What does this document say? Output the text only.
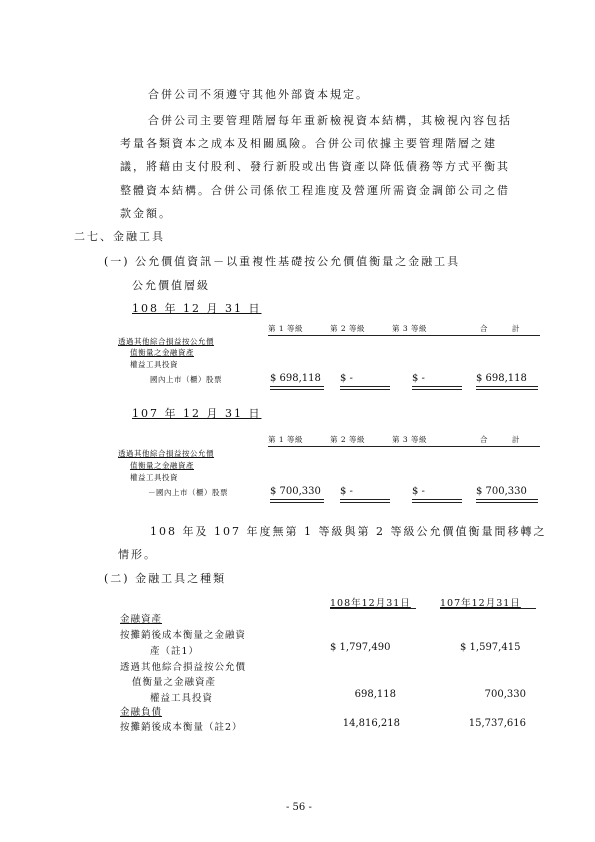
合併公司不須遵守其他外部資本規定。
合併公司主要管理階層每年重新檢視資本結構，其檢視內容包括
考量各類資本之成本及相關風險。合併公司依據主要管理階層之建
議，將藉由支付股利、發行新股或出售資產以降低債務等方式平衡其
整體資本結構。合併公司係依工程進度及營運所需資金調節公司之借
款金額。
二七、金融工具
(一) 公允價值資訊－以重複性基礎按公允價值衡量之金融工具
公允價值層級
108 年 12 月 31 日
第 1 等級	第 2 等級	第 3 等級	合　　　計
透過其他綜合損益按公允價
值衡量之金融資產
權益工具投資
國內上市（櫃）股票	$ 698,118 $ -	$ -	$ 698,118
107 年 12 月 31 日
第 1 等級	第 2 等級	第 3 等級	合　　　計
透過其他綜合損益按公允價
值衡量之金融資產
權益工具投資
－國內上市（櫃）股票	$ 700,330 $ -	$ -	$ 700,330
108 年及 107 年度無第 1 等級與第 2 等級公允價值衡量間移轉之
情形。
(二) 金融工具之種類
108年12月31日	107年12月31日
金融資產
按攤銷後成本衡量之金融資
產（註1）	$ 1,797,490	$ 1,597,415
透過其他綜合損益按公允價
值衡量之金融資產
權益工具投資	698,118	700,330
金融負債
按攤銷後成本衡量（註2）	14,816,218	15,737,616
- 56 -
